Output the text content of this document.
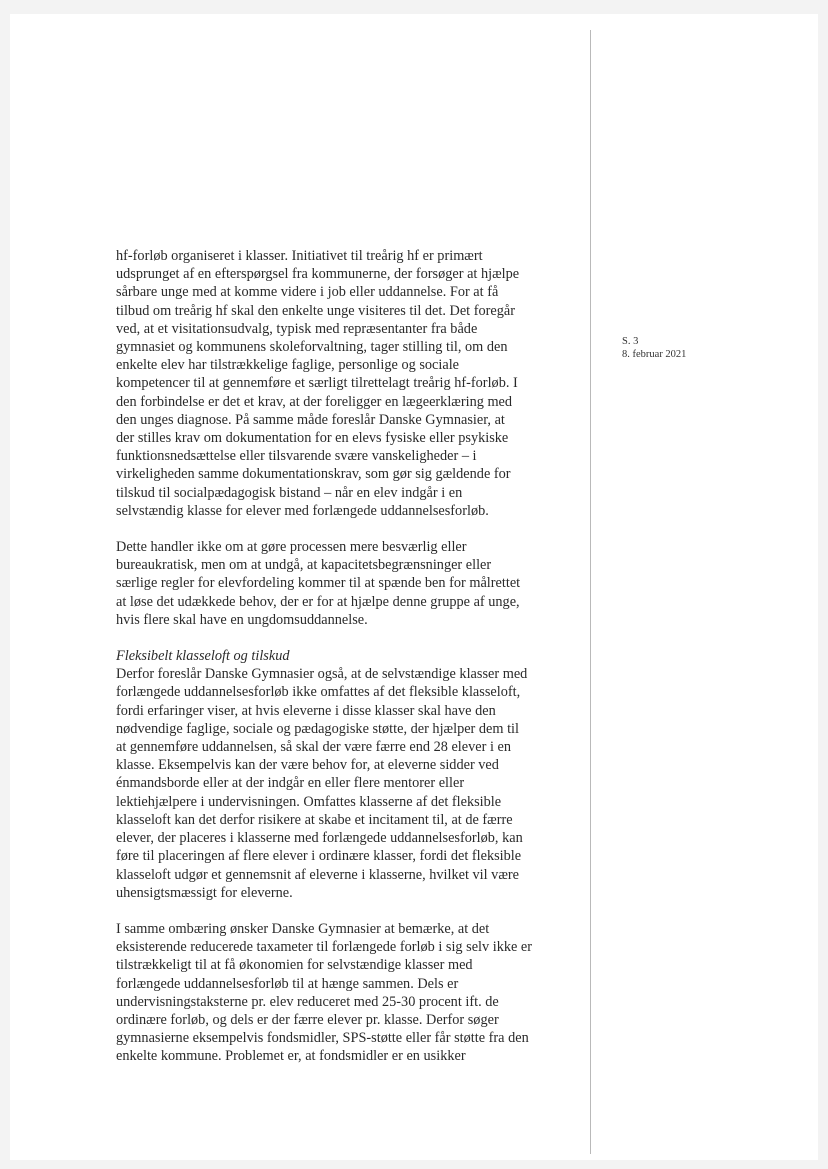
S. 3
8. februar 2021

hf-forløb organiseret i klasser. Initiativet til treårig hf er primært
udsprunget af en efterspørgsel fra kommunerne, der forsøger at hjælpe
sårbare unge med at komme videre i job eller uddannelse. For at få
tilbud om treårig hf skal den enkelte unge visiteres til det. Det foregår
ved, at et visitationsudvalg, typisk med repræsentanter fra både
gymnasiet og kommunens skoleforvaltning, tager stilling til, om den
enkelte elev har tilstrækkelige faglige, personlige og sociale
kompetencer til at gennemføre et særligt tilrettelagt treårig hf-forløb. I
den forbindelse er det et krav, at der foreligger en lægeerklæring med
den unges diagnose. På samme måde foreslår Danske Gymnasier, at
der stilles krav om dokumentation for en elevs fysiske eller psykiske
funktionsnedsættelse eller tilsvarende svære vanskeligheder – i
virkeligheden samme dokumentationskrav, som gør sig gældende for
tilskud til socialpædagogisk bistand – når en elev indgår i en
selvstændig klasse for elever med forlængede uddannelsesforløb.

Dette handler ikke om at gøre processen mere besværlig eller
bureaukratisk, men om at undgå, at kapacitetsbegrænsninger eller
særlige regler for elevfordeling kommer til at spænde ben for målrettet
at løse det udækkede behov, der er for at hjælpe denne gruppe af unge,
hvis flere skal have en ungdomsuddannelse.

Fleksibelt klasseloft og tilskud
Derfor foreslår Danske Gymnasier også, at de selvstændige klasser med
forlængede uddannelsesforløb ikke omfattes af det fleksible klasseloft,
fordi erfaringer viser, at hvis eleverne i disse klasser skal have den
nødvendige faglige, sociale og pædagogiske støtte, der hjælper dem til
at gennemføre uddannelsen, så skal der være færre end 28 elever i en
klasse. Eksempelvis kan der være behov for, at eleverne sidder ved
énmandsborde eller at der indgår en eller flere mentorer eller
lektiehjælpere i undervisningen. Omfattes klasserne af det fleksible
klasseloft kan det derfor risikere at skabe et incitament til, at de færre
elever, der placeres i klasserne med forlængede uddannelsesforløb, kan
føre til placeringen af flere elever i ordinære klasser, fordi det fleksible
klasseloft udgør et gennemsnit af eleverne i klasserne, hvilket vil være
uhensigtsmæssigt for eleverne.

I samme ombæring ønsker Danske Gymnasier at bemærke, at det
eksisterende reducerede taxameter til forlængede forløb i sig selv ikke er
tilstrækkeligt til at få økonomien for selvstændige klasser med
forlængede uddannelsesforløb til at hænge sammen. Dels er
undervisningstaksterne pr. elev reduceret med 25-30 procent ift. de
ordinære forløb, og dels er der færre elever pr. klasse. Derfor søger
gymnasierne eksempelvis fondsmidler, SPS-støtte eller får støtte fra den
enkelte kommune. Problemet er, at fondsmidler er en usikker
